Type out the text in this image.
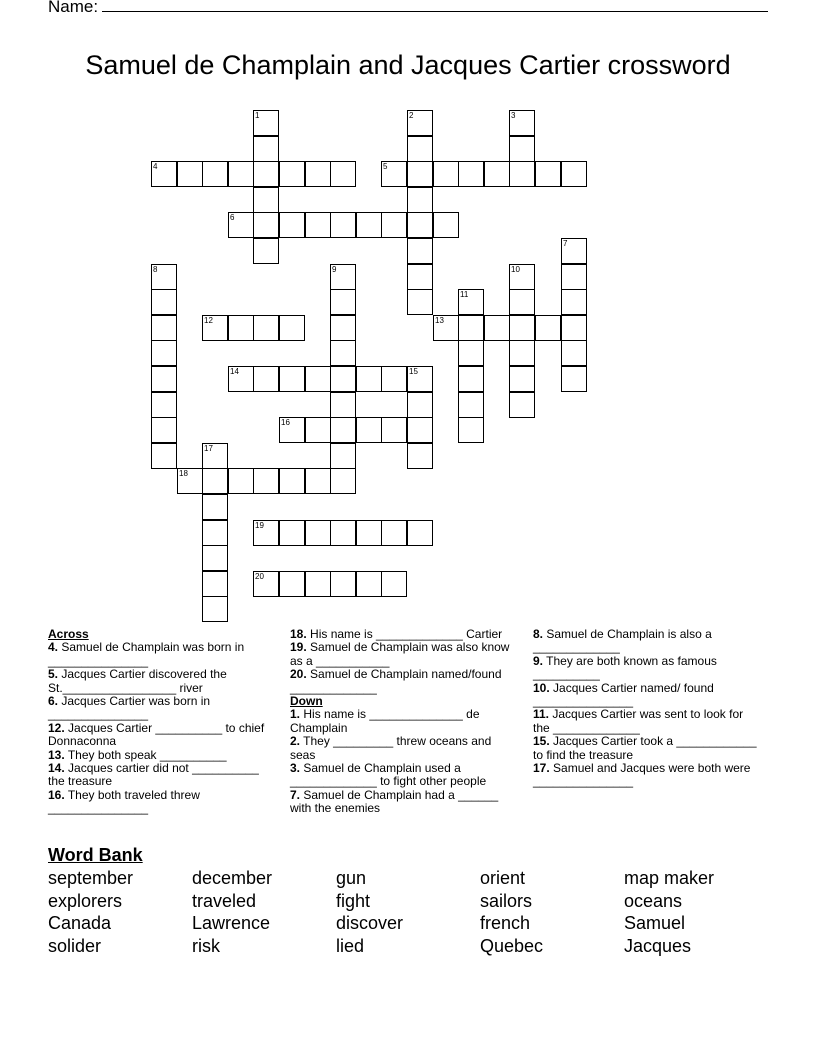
Name:
Samuel de Champlain and Jacques Cartier crossword
1	2	3
4	5
6
7
8	9	10
11
12	13
14	15
16
17
18
19
20
Across
4. Samuel de Champlain was born in _______________
5. Jacques Cartier discovered the St._________________ river
6. Jacques Cartier was born in _______________
12. Jacques Cartier __________ to chief Donnaconna
13. They both speak __________
14. Jacques cartier did not __________ the treasure
16. They both traveled threw _______________
18. His name is _____________ Cartier
19. Samuel de Champlain was also know as a ___________
20. Samuel de Champlain named/found _____________
Down
1. His name is ______________ de Champlain
2. They _________ threw oceans and seas
3. Samuel de Champlain used a _____________ to fight other people
7. Samuel de Champlain had a ______ with the enemies
8. Samuel de Champlain is also a _____________
9. They are both known as famous __________
10. Jacques Cartier named/ found _______________
11. Jacques Cartier was sent to look for the _____________
15. Jacques Cartier took a ____________ to find the treasure
17. Samuel and Jacques were both were _______________
Word Bank
september
explorers
Canada
solider
december
traveled
Lawrence
risk
gun
fight
discover
lied
orient
sailors
french
Quebec
map maker
oceans
Samuel
Jacques
